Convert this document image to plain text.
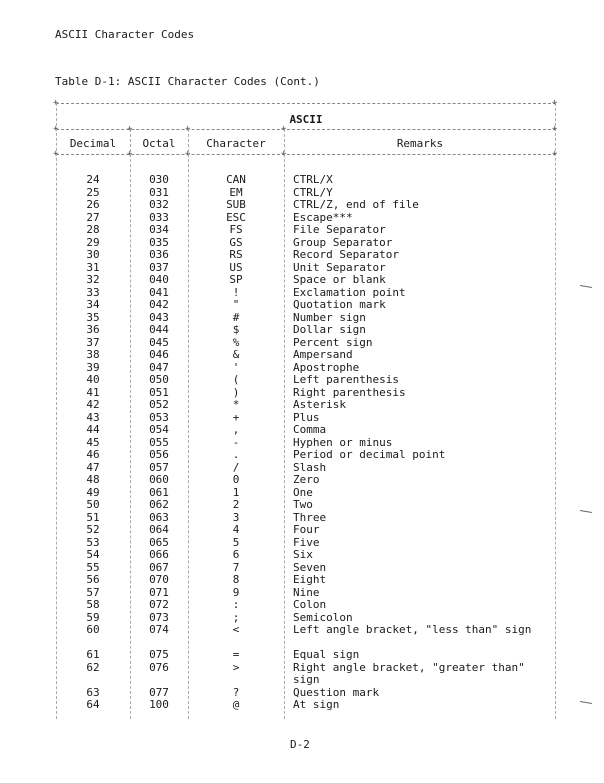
ASCII Character Codes
Table D-1: ASCII Character Codes (Cont.)
+	+
+	+	+	+	+
+	+	+	+	+
ASCII
Decimal	Octal	Character	Remarks
24	030	CAN	CTRL/X
25	031	EM	CTRL/Y
26	032	SUB	CTRL/Z, end of file
27	033	ESC	Escape***
28	034	FS	File Separator
29	035	GS	Group Separator
30	036	RS	Record Separator
31	037	US	Unit Separator
32	040	SP	Space or blank
33	041	!	Exclamation point
34	042	"	Quotation mark
35	043	#	Number sign
36	044	$	Dollar sign
37	045	%	Percent sign
38	046	&	Ampersand
39	047	'	Apostrophe
40	050	(	Left parenthesis
41	051	)	Right parenthesis
42	052	*	Asterisk
43	053	+	Plus
44	054	,	Comma
45	055	-	Hyphen or minus
46	056	.	Period or decimal point
47	057	/	Slash
48	060	0	Zero
49	061	1	One
50	062	2	Two
51	063	3	Three
52	064	4	Four
53	065	5	Five
54	066	6	Six
55	067	7	Seven
56	070	8	Eight
57	071	9	Nine
58	072	:	Colon
59	073	;	Semicolon
60	074	<	Left angle bracket, "less than" sign
61	075	=	Equal sign
62	076	>	Right angle bracket, "greater than" sign
63	077	?	Question mark
64	100	@	At sign
D-2
